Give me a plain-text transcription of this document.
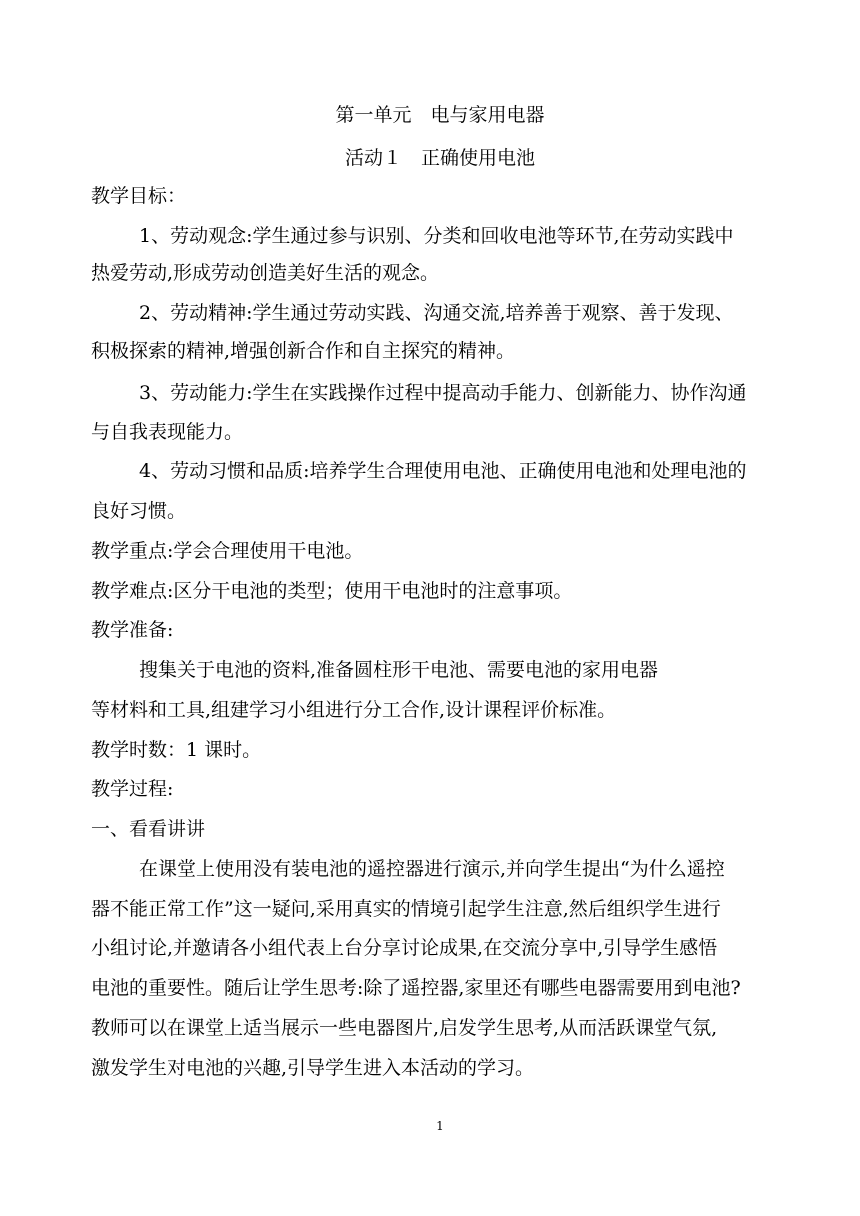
第一单元　电与家用电器
活动１　正确使用电池
教学目标：
1、劳动观念:学生通过参与识别、分类和回收电池等环节,在劳动实践中
热爱劳动,形成劳动创造美好生活的观念。
2、劳动精神:学生通过劳动实践、沟通交流,培养善于观察、善于发现、
积极探索的精神,增强创新合作和自主探究的精神。
3、劳动能力:学生在实践操作过程中提高动手能力、创新能力、协作沟通
与自我表现能力。
4、劳动习惯和品质:培养学生合理使用电池、正确使用电池和处理电池的
良好习惯。
教学重点:学会合理使用干电池。
教学难点:区分干电池的类型；使用干电池时的注意事项。
教学准备:
搜集关于电池的资料,准备圆柱形干电池、需要电池的家用电器
等材料和工具,组建学习小组进行分工合作,设计课程评价标准。
教学时数：1 课时。
教学过程:
一、看看讲讲
在课堂上使用没有装电池的遥控器进行演示,并向学生提出“为什么遥控
器不能正常工作”这一疑问,采用真实的情境引起学生注意,然后组织学生进行
小组讨论,并邀请各小组代表上台分享讨论成果,在交流分享中,引导学生感悟
电池的重要性。随后让学生思考:除了遥控器,家里还有哪些电器需要用到电池?
教师可以在课堂上适当展示一些电器图片,启发学生思考,从而活跃课堂气氛,
激发学生对电池的兴趣,引导学生进入本活动的学习。
1
